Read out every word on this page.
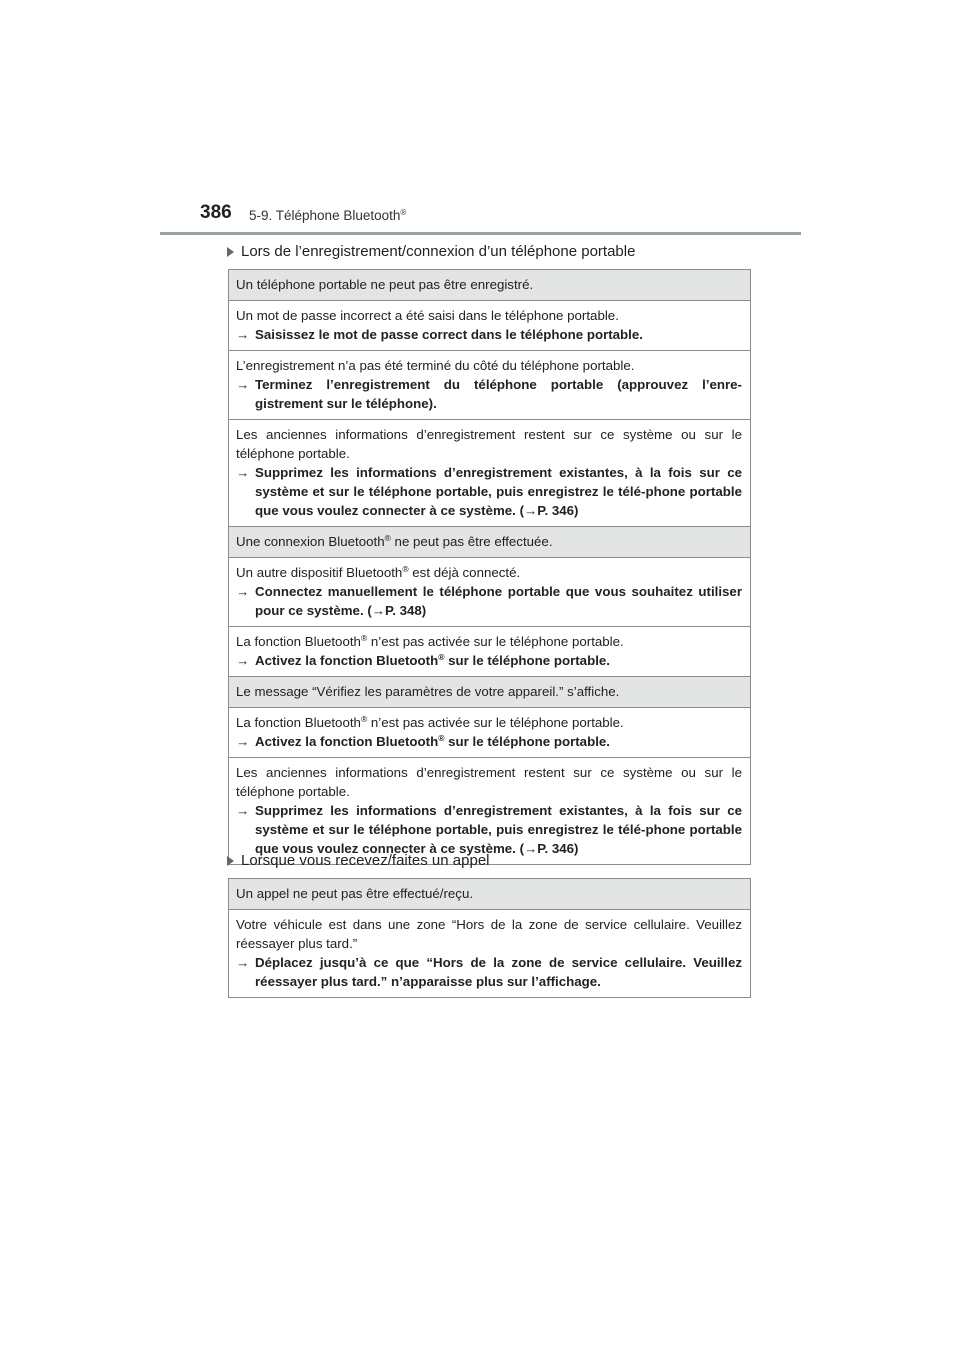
386 5-9. Téléphone Bluetooth®
Lors de l’enregistrement/connexion d’un téléphone portable
Un téléphone portable ne peut pas être enregistré.

Un mot de passe incorrect a été saisi dans le téléphone portable.
→ Saisissez le mot de passe correct dans le téléphone portable.

L’enregistrement n’a pas été terminé du côté du téléphone portable.
→ Terminez l’enregistrement du téléphone portable (approuvez l’enre-gistrement sur le téléphone).

Les anciennes informations d’enregistrement restent sur ce système ou sur le téléphone portable.
→ Supprimez les informations d’enregistrement existantes, à la fois sur ce système et sur le téléphone portable, puis enregistrez le télé-phone portable que vous voulez connecter à ce système. (→P. 346)

Une connexion Bluetooth® ne peut pas être effectuée.

Un autre dispositif Bluetooth® est déjà connecté.
→ Connectez manuellement le téléphone portable que vous souhaitez utiliser pour ce système. (→P. 348)

La fonction Bluetooth® n’est pas activée sur le téléphone portable.
→ Activez la fonction Bluetooth® sur le téléphone portable.

Le message “Vérifiez les paramètres de votre appareil.” s’affiche.

La fonction Bluetooth® n’est pas activée sur le téléphone portable.
→ Activez la fonction Bluetooth® sur le téléphone portable.

Les anciennes informations d’enregistrement restent sur ce système ou sur le téléphone portable.
→ Supprimez les informations d’enregistrement existantes, à la fois sur ce système et sur le téléphone portable, puis enregistrez le télé-phone portable que vous voulez connecter à ce système. (→P. 346)
Lorsque vous recevez/faites un appel
Un appel ne peut pas être effectué/reçu.

Votre véhicule est dans une zone “Hors de la zone de service cellulaire. Veuillez réessayer plus tard.”
→ Déplacez jusqu’à ce que “Hors de la zone de service cellulaire. Veuillez réessayer plus tard.” n’apparaisse plus sur l’affichage.
